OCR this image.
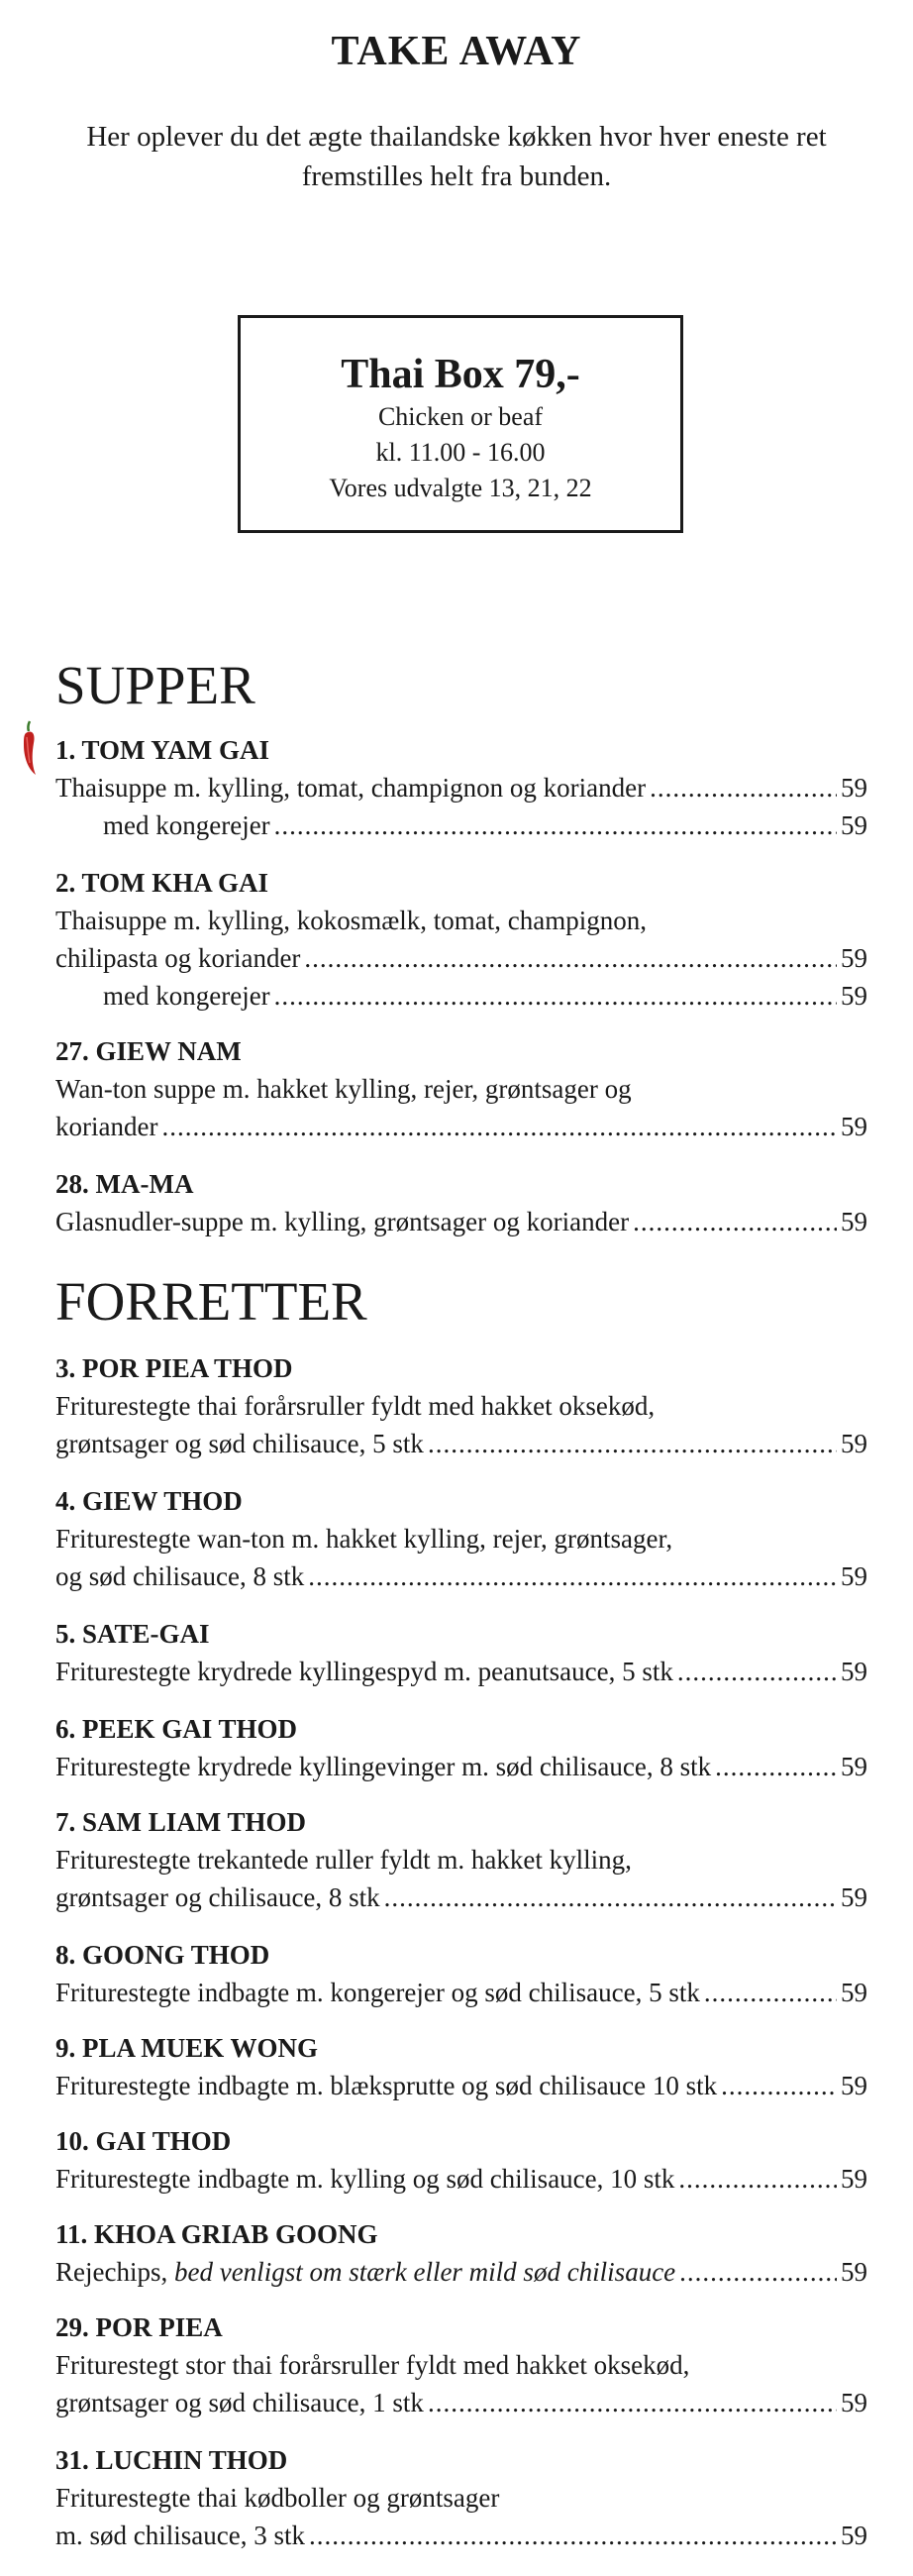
TAKE AWAY

Her oplever du det ægte thailandske køkken hvor hver eneste ret fremstilles helt fra bunden.

Thai Box 79,-
Chicken or beaf
kl. 11.00 - 16.00
Vores udvalgte 13, 21, 22
SUPPER
1. TOM YAM GAI
Thaisuppe m. kylling, tomat, champignon og koriander .....	59
med kongerejer .....	59
2. TOM KHA GAI
Thaisuppe m. kylling, kokosmælk, tomat, champignon,
chilipasta og koriander .....	59
med kongerejer .....	59
27. GIEW NAM
Wan-ton suppe m. hakket kylling, rejer, grøntsager og
koriander .....	59
28. MA-MA
Glasnudler-suppe m. kylling, grøntsager og koriander .....	59
FORRETTER
3. POR PIEA THOD
Friturestegte thai forårsruller fyldt med hakket oksekød,
grøntsager og sød chilisauce, 5 stk .....	59
4. GIEW THOD
Friturestegte wan-ton m. hakket kylling, rejer, grøntsager,
og sød chilisauce, 8 stk .....	59
5. SATE-GAI
Friturestegte krydrede kyllingespyd m. peanutsauce, 5 stk .....	59
6. PEEK GAI THOD
Friturestegte krydrede kyllingevinger m. sød chilisauce, 8 stk .....	59
7. SAM LIAM THOD
Friturestegte trekantede ruller fyldt m. hakket kylling,
grøntsager og chilisauce, 8 stk .....	59
8. GOONG THOD
Friturestegte indbagte m. kongerejer og sød chilisauce, 5 stk .....	59
9. PLA MUEK WONG
Friturestegte indbagte m. blæksprutte og sød chilisauce 10 stk .....	59
10. GAI THOD
Friturestegte indbagte m. kylling og sød chilisauce, 10 stk .....	59
11. KHOA GRIAB GOONG
Rejechips, bed venligst om stærk eller mild sød chilisauce .....	59
29. POR PIEA
Friturestegt stor thai forårsruller fyldt med hakket oksekød,
grøntsager og sød chilisauce, 1 stk .....	59
31. LUCHIN THOD
Friturestegte thai kødboller og grøntsager
m. sød chilisauce, 3 stk .....	59
